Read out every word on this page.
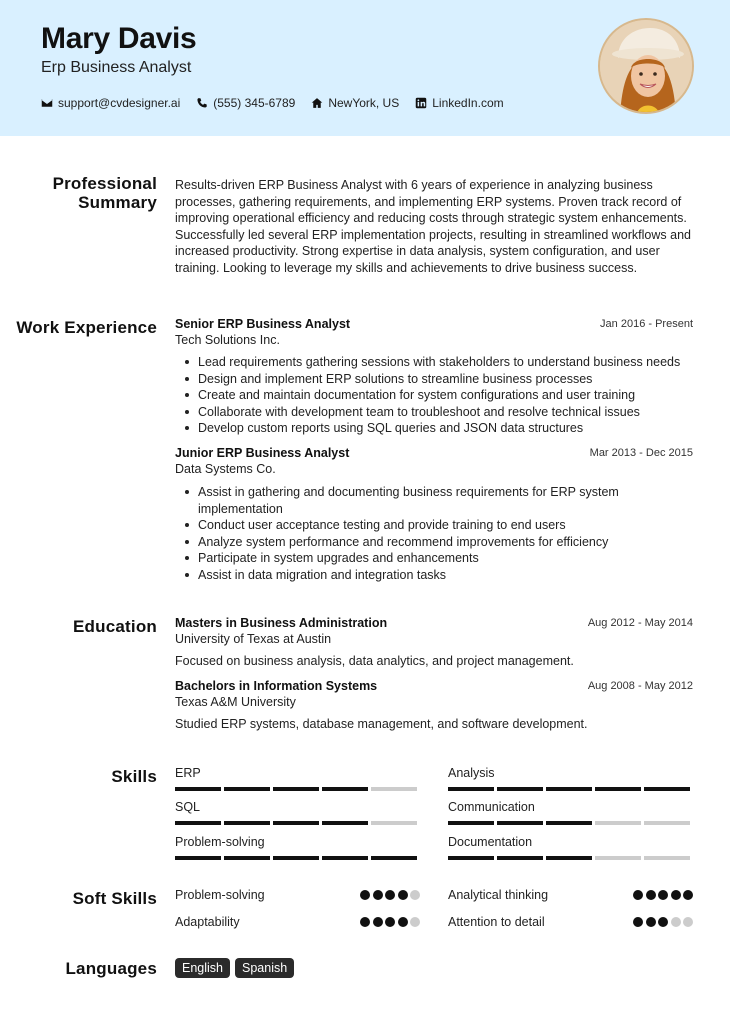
Mary Davis
Erp Business Analyst
support@cvdesigner.ai	(555) 345-6789	NewYork, US	LinkedIn.com
Professional Summary
Results-driven ERP Business Analyst with 6 years of experience in analyzing business processes, gathering requirements, and implementing ERP systems. Proven track record of improving operational efficiency and reducing costs through strategic system enhancements. Successfully led several ERP implementation projects, resulting in streamlined workflows and increased productivity. Strong expertise in data analysis, system configuration, and user training. Looking to leverage my skills and achievements to drive business success.
Work Experience Senior ERP Business Analyst	Jan 2016 - Present
Tech Solutions Inc.
Lead requirements gathering sessions with stakeholders to understand business needs
Design and implement ERP solutions to streamline business processes
Create and maintain documentation for system configurations and user training
Collaborate with development team to troubleshoot and resolve technical issues
Develop custom reports using SQL queries and JSON data structures
Junior ERP Business Analyst	Mar 2013 - Dec 2015
Data Systems Co.
Assist in gathering and documenting business requirements for ERP system implementation
Conduct user acceptance testing and provide training to end users
Analyze system performance and recommend improvements for efficiency
Participate in system upgrades and enhancements
Assist in data migration and integration tasks
Education Masters in Business Administration	Aug 2012 - May 2014
University of Texas at Austin
Focused on business analysis, data analytics, and project management.
Bachelors in Information Systems	Aug 2008 - May 2012
Texas A&M University
Studied ERP systems, database management, and software development.
Skills ERP	Analysis
SQL	Communication
Problem-solving	Documentation
Soft Skills Problem-solving	Analytical thinking
Adaptability	Attention to detail
Languages	English	Spanish
